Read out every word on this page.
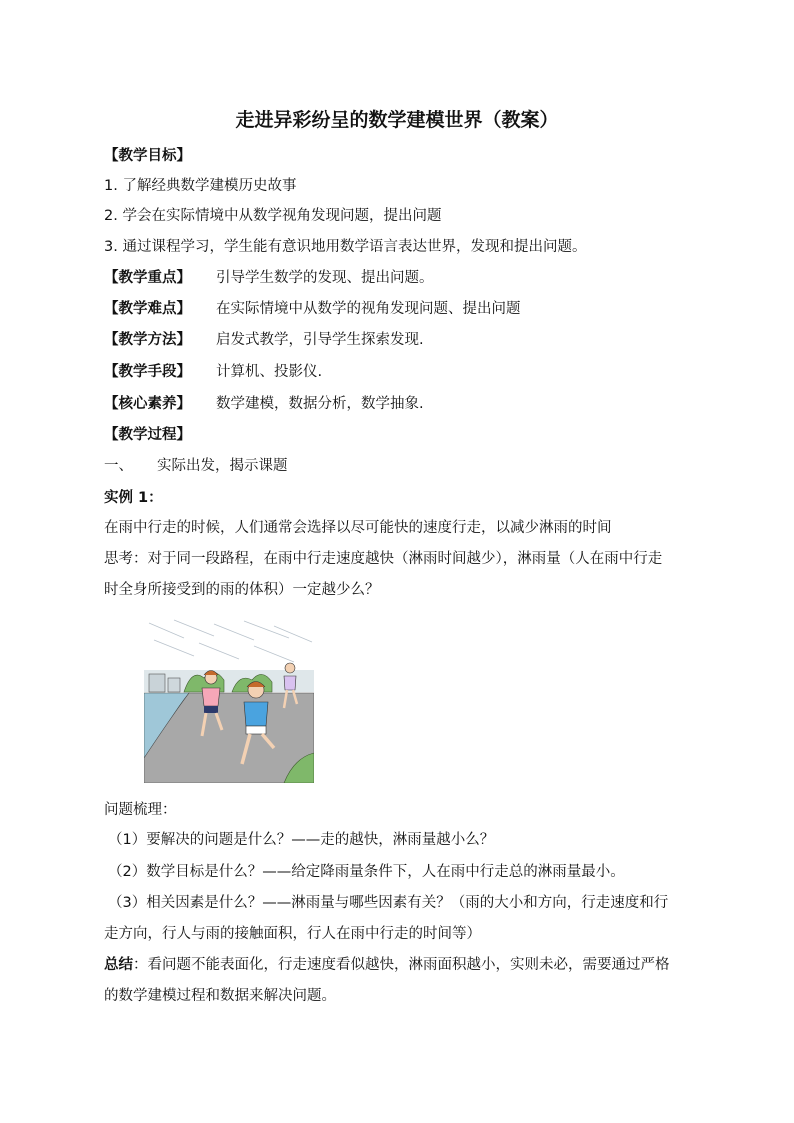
走进异彩纷呈的数学建模世界（教案）
【教学目标】
1. 了解经典数学建模历史故事
2. 学会在实际情境中从数学视角发现问题，提出问题
3. 通过课程学习，学生能有意识地用数学语言表达世界，发现和提出问题。
【教学重点】 引导学生数学的发现、提出问题。
【教学难点】 在实际情境中从数学的视角发现问题、提出问题
【教学方法】 启发式教学，引导学生探索发现.
【教学手段】 计算机、投影仪.
【核心素养】 数学建模，数据分析，数学抽象.
【教学过程】
一、 实际出发，揭示课题
实例 1：
在雨中行走的时候，人们通常会选择以尽可能快的速度行走，以减少淋雨的时间
思考：对于同一段路程，在雨中行走速度越快（淋雨时间越少），淋雨量（人在雨中行走
时全身所接受到的雨的体积）一定越少么？
问题梳理：
（1）要解决的问题是什么？——走的越快，淋雨量越小么？
（2）数学目标是什么？——给定降雨量条件下，人在雨中行走总的淋雨量最小。
（3）相关因素是什么？——淋雨量与哪些因素有关？（雨的大小和方向，行走速度和行
走方向，行人与雨的接触面积，行人在雨中行走的时间等）
总结：看问题不能表面化，行走速度看似越快，淋雨面积越小，实则未必，需要通过严格
的数学建模过程和数据来解决问题。
